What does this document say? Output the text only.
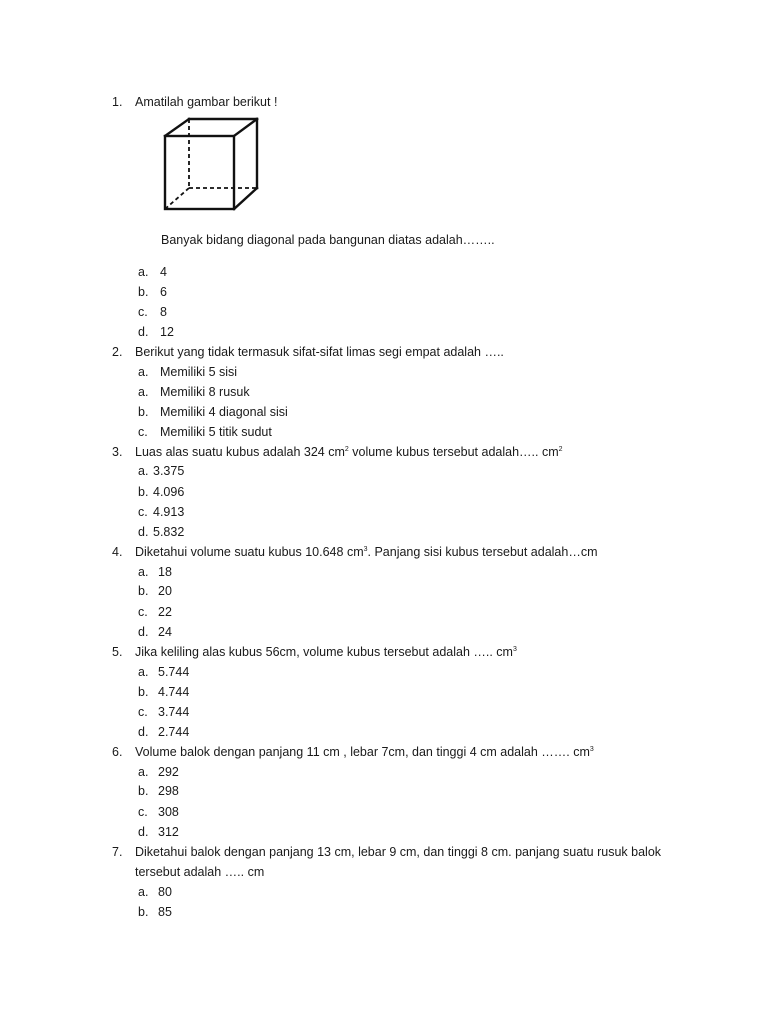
1. Amatilah gambar berikut !
Banyak bidang diagonal pada bangunan diatas adalah……..
a. 4
b. 6
c. 8
d. 12
2. Berikut yang tidak termasuk sifat-sifat limas segi empat adalah …..
a. Memiliki 5 sisi
a. Memiliki 8 rusuk
b. Memiliki 4 diagonal sisi
c. Memiliki 5 titik sudut
3. Luas alas suatu kubus adalah 324 $cm^2$ volume kubus tersebut adalah….. $cm^2$
a. 3.375
b. 4.096
c. 4.913
d. 5.832
4. Diketahui volume suatu kubus 10.648 $cm^3$. Panjang sisi kubus tersebut adalah…cm
a. 18
b. 20
c. 22
d. 24
5. Jika keliling alas kubus 56cm, volume kubus tersebut adalah ….. $cm^3$
a. 5.744
b. 4.744
c. 3.744
d. 2.744
6. Volume balok dengan panjang 11 cm , lebar 7cm, dan tinggi 4 cm adalah ……. $cm^3$
a. 292
b. 298
c. 308
d. 312
7. Diketahui balok dengan panjang 13 cm, lebar 9 cm, dan tinggi 8 cm. panjang suatu rusuk balok
tersebut adalah ….. cm
a. 80
b. 85
